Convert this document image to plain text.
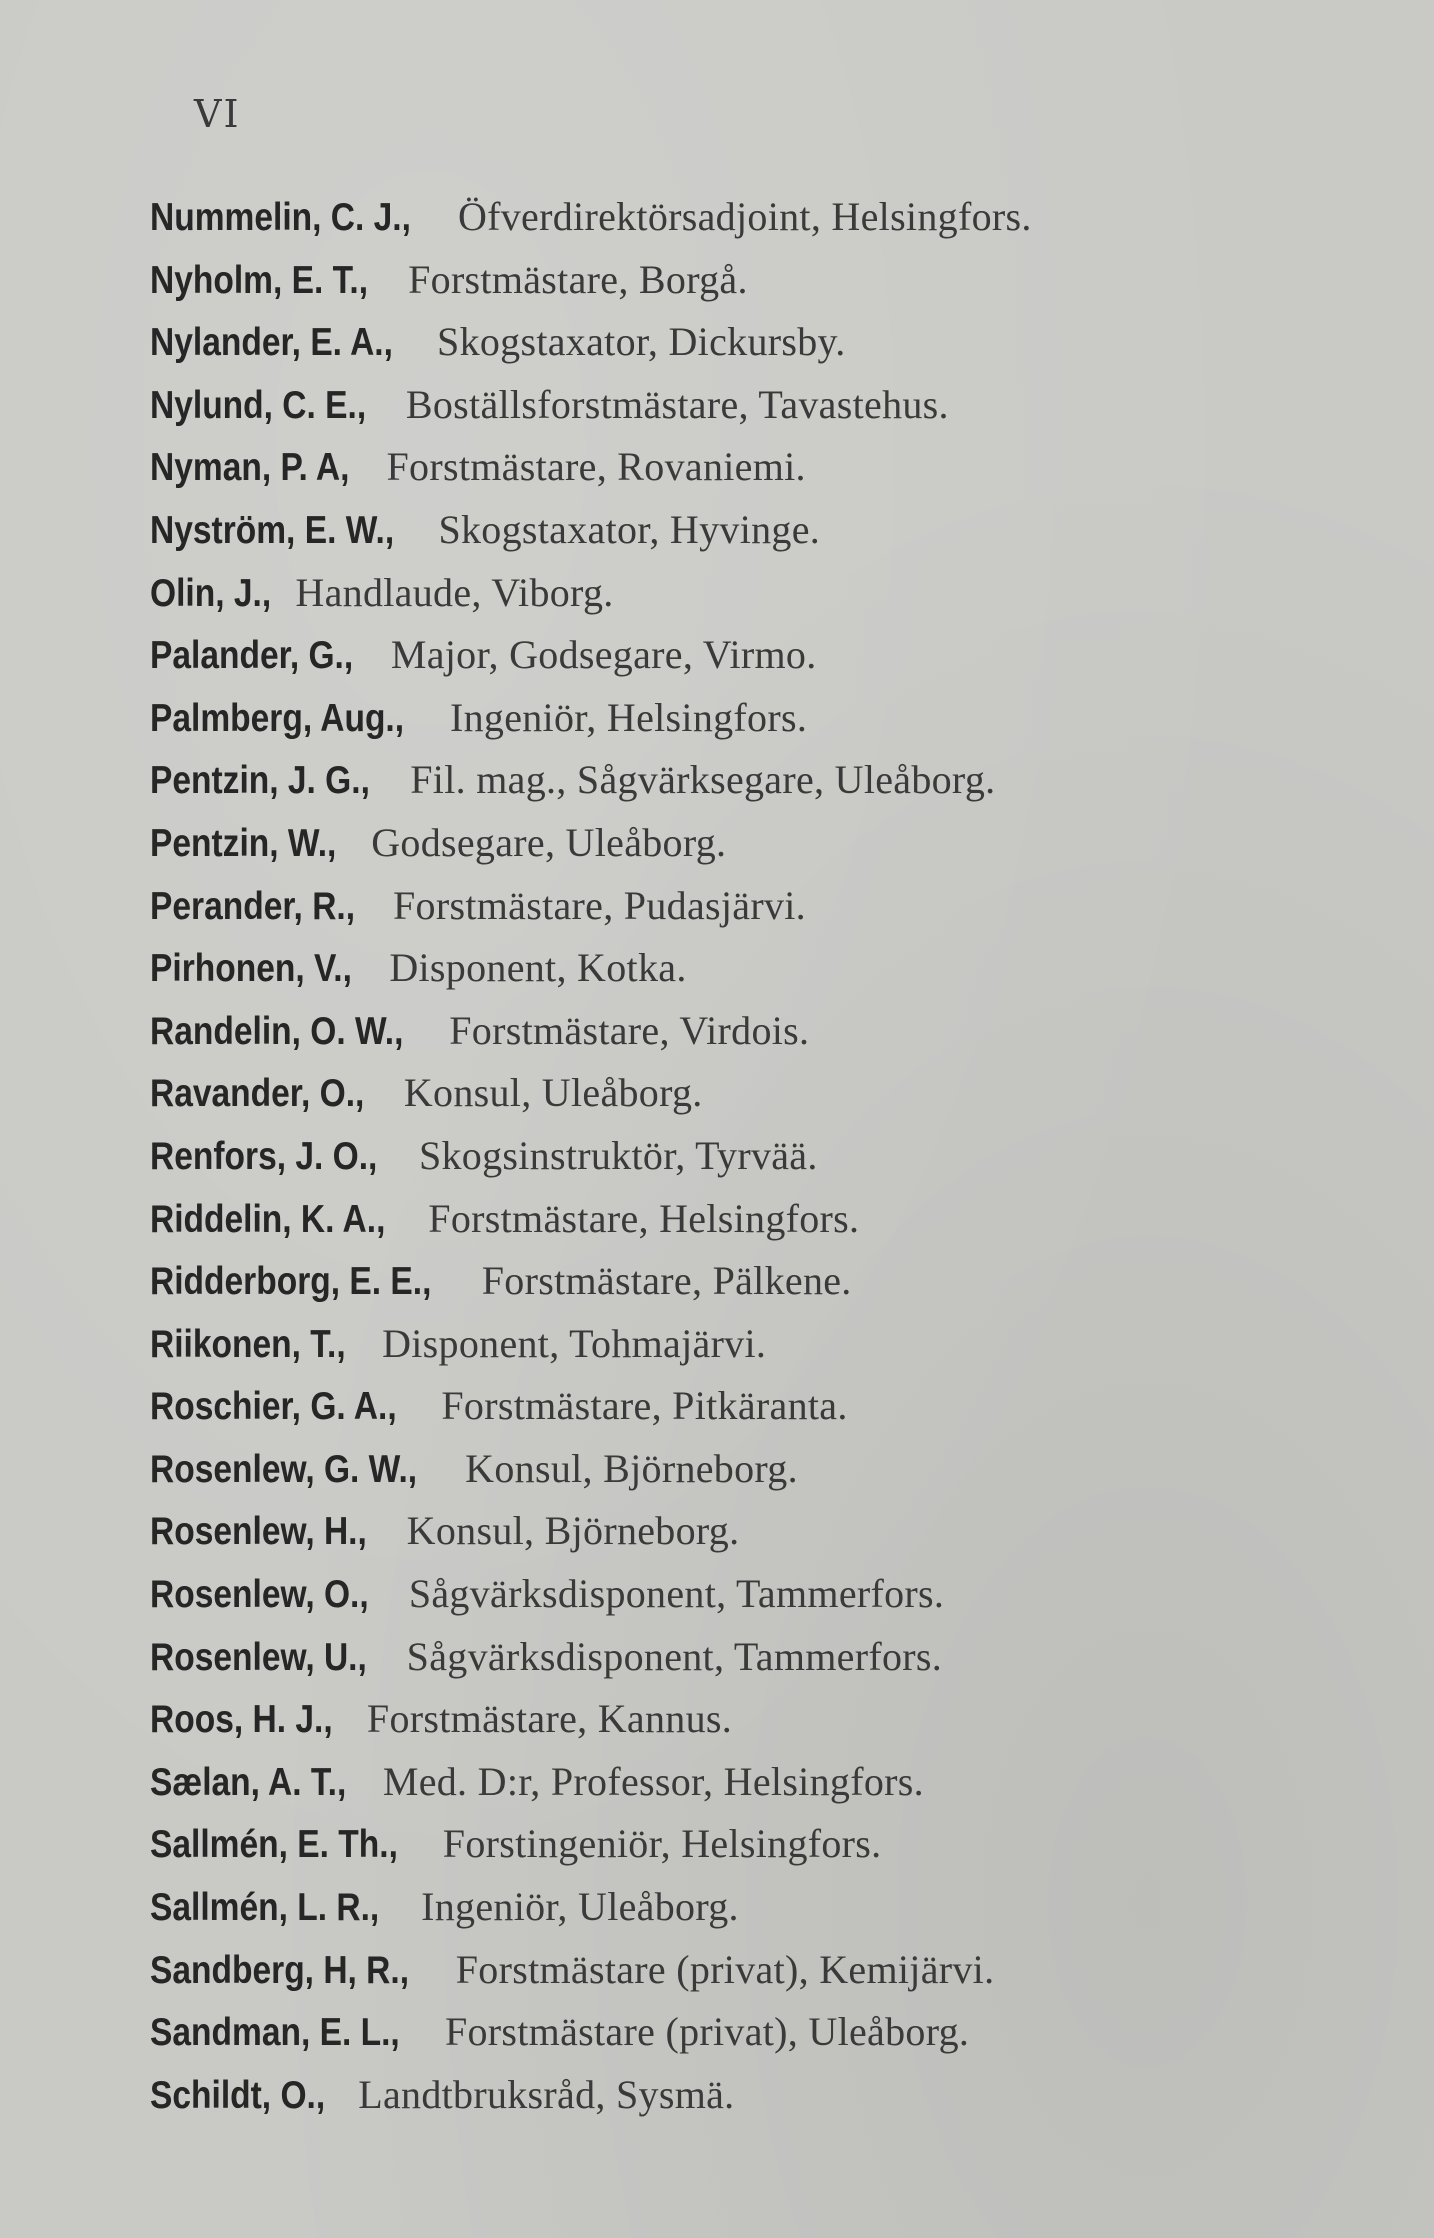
VI
Nummelin, C. J., Öfverdirektörsadjoint, Helsingfors.
Nyholm, E. T., Forstmästare, Borgå.
Nylander, E. A., Skogstaxator, Dickursby.
Nylund, C. E., Boställsforstmästare, Tavastehus.
Nyman, P. A, Forstmästare, Rovaniemi.
Nyström, E. W., Skogstaxator, Hyvinge.
Olin, J., Handlaude, Viborg.
Palander, G., Major, Godsegare, Virmo.
Palmberg, Aug., Ingeniör, Helsingfors.
Pentzin, J. G., Fil. mag., Sågvärksegare, Uleåborg.
Pentzin, W., Godsegare, Uleåborg.
Perander, R., Forstmästare, Pudasjärvi.
Pirhonen, V., Disponent, Kotka.
Randelin, O. W., Forstmästare, Virdois.
Ravander, O., Konsul, Uleåborg.
Renfors, J. O., Skogsinstruktör, Tyrvää.
Riddelin, K. A., Forstmästare, Helsingfors.
Ridderborg, E. E., Forstmästare, Pälkene.
Riikonen, T., Disponent, Tohmajärvi.
Roschier, G. A., Forstmästare, Pitkäranta.
Rosenlew, G. W., Konsul, Björneborg.
Rosenlew, H., Konsul, Björneborg.
Rosenlew, O., Sågvärksdisponent, Tammerfors.
Rosenlew, U., Sågvärksdisponent, Tammerfors.
Roos, H. J., Forstmästare, Kannus.
Sælan, A. T., Med. D:r, Professor, Helsingfors.
Sallmén, E. Th., Forstingeniör, Helsingfors.
Sallmén, L. R., Ingeniör, Uleåborg.
Sandberg, H, R., Forstmästare (privat), Kemijärvi.
Sandman, E. L., Forstmästare (privat), Uleåborg.
Schildt, O., Landtbruksråd, Sysmä.
